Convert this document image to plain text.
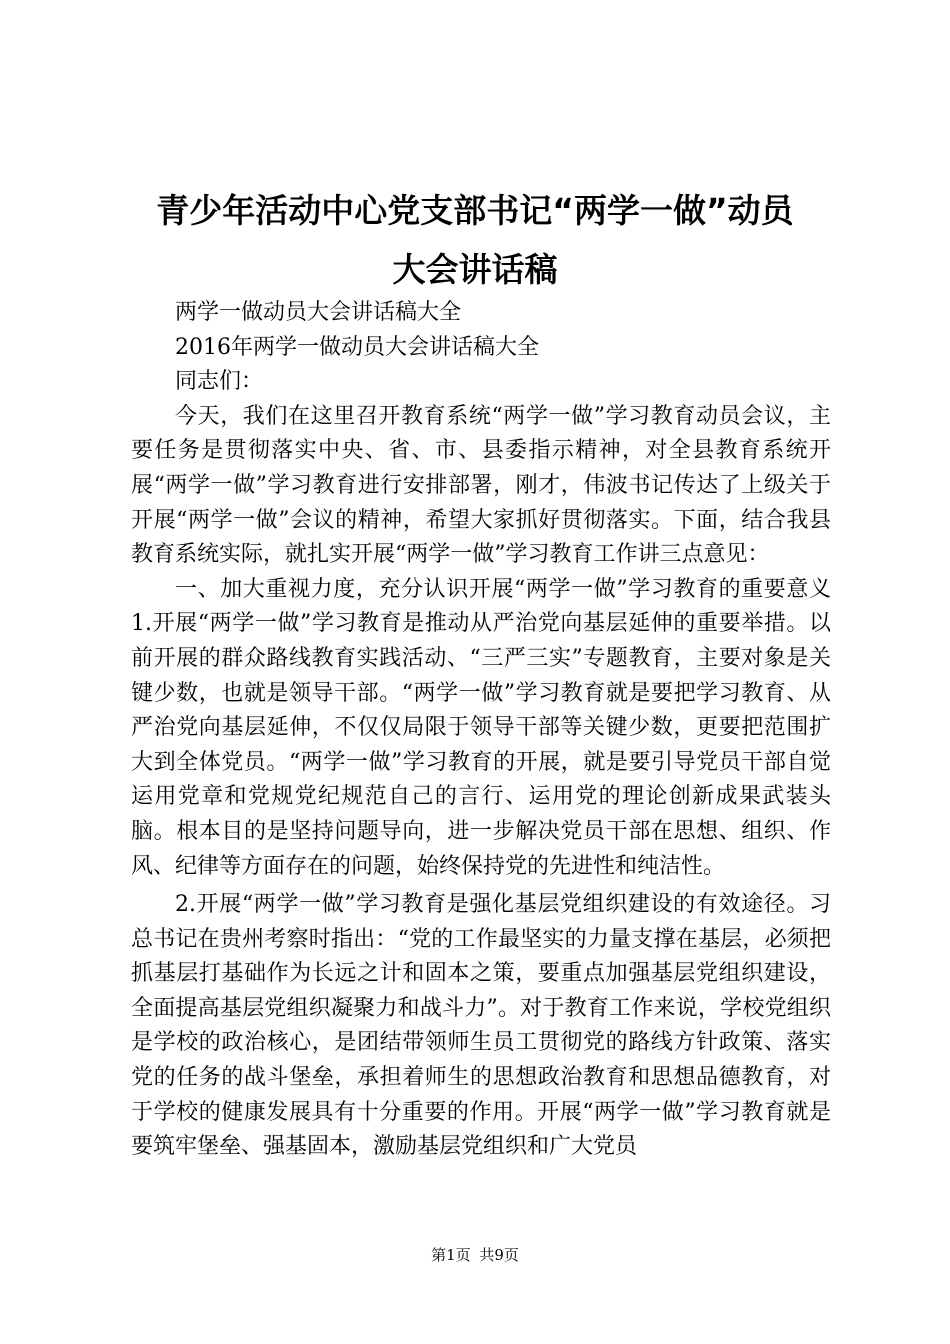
青少年活动中心党支部书记“两学一做”动员
大会讲话稿

两学一做动员大会讲话稿大全

2016年两学一做动员大会讲话稿大全

同志们：

今天，我们在这里召开教育系统“两学一做”学习教育动员会议，主要任务是贯彻落实中央、省、市、县委指示精神，对全县教育系统开展“两学一做”学习教育进行安排部署，刚才，伟波书记传达了上级关于开展“两学一做”会议的精神，希望大家抓好贯彻落实。下面，结合我县教育系统实际，就扎实开展“两学一做”学习教育工作讲三点意见：

一、加大重视力度，充分认识开展“两学一做”学习教育的重要意义1.开展“两学一做”学习教育是推动从严治党向基层延伸的重要举措。以前开展的群众路线教育实践活动、“三严三实”专题教育，主要对象是关键少数，也就是领导干部。“两学一做”学习教育就是要把学习教育、从严治党向基层延伸，不仅仅局限于领导干部等关键少数，更要把范围扩大到全体党员。“两学一做”学习教育的开展，就是要引导党员干部自觉运用党章和党规党纪规范自己的言行、运用党的理论创新成果武装头脑。根本目的是坚持问题导向，进一步解决党员干部在思想、组织、作风、纪律等方面存在的问题，始终保持党的先进性和纯洁性。

2.开展“两学一做”学习教育是强化基层党组织建设的有效途径。习总书记在贵州考察时指出：“党的工作最坚实的力量支撑在基层，必须把抓基层打基础作为长远之计和固本之策，要重点加强基层党组织建设，全面提高基层党组织凝聚力和战斗力”。对于教育工作来说，学校党组织是学校的政治核心，是团结带领师生员工贯彻党的路线方针政策、落实党的任务的战斗堡垒，承担着师生的思想政治教育和思想品德教育，对于学校的健康发展具有十分重要的作用。开展“两学一做”学习教育就是要筑牢堡垒、强基固本，激励基层党组织和广大党员

第1页 共9页
